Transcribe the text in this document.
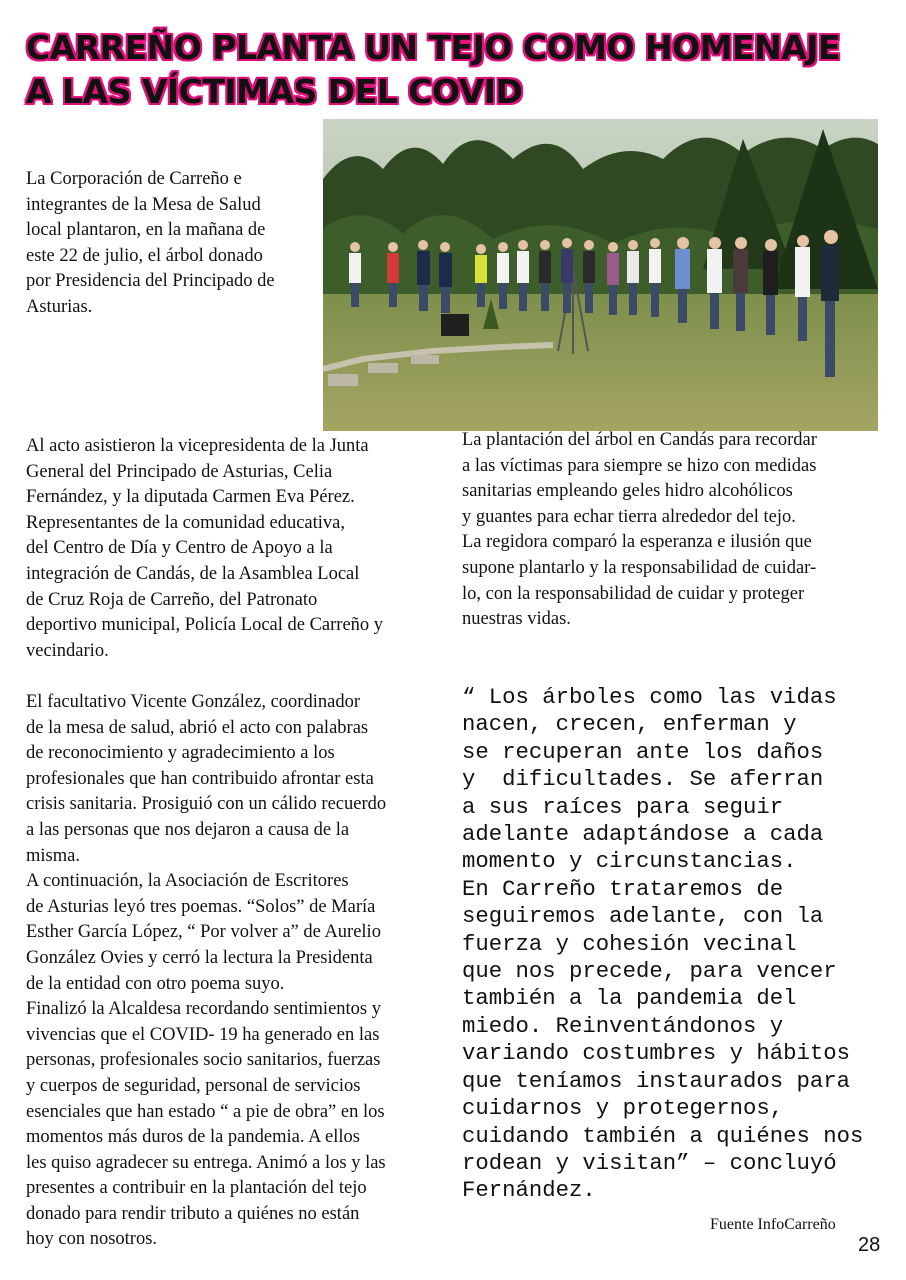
CARREÑO PLANTA UN TEJO COMO HOMENAJE
A LAS VÍCTIMAS DEL COVID
La Corporación de Carreño e
integrantes de la Mesa de Salud
local plantaron, en la mañana de
este 22 de julio, el árbol donado
por Presidencia del Principado de
Asturias.
Al acto asistieron la vicepresidenta de la Junta
General del Principado de Asturias, Celia
Fernández, y la diputada Carmen Eva Pérez.
Representantes de la comunidad educativa,
del Centro de Día y Centro de Apoyo a la
integración de Candás, de la Asamblea Local
de Cruz Roja de Carreño, del Patronato
deportivo municipal, Policía Local de Carreño y
vecindario.
El facultativo Vicente González, coordinador
de la mesa de salud, abrió el acto con palabras
de reconocimiento y agradecimiento a los
profesionales que han contribuido afrontar esta
crisis sanitaria. Prosiguió con un cálido recuerdo
a las personas que nos dejaron a causa de la
misma.
A continuación, la Asociación de Escritores
de Asturias leyó tres poemas. “Solos” de María
Esther García López, “ Por volver a” de Aurelio
González Ovies y cerró la lectura la Presidenta
de la entidad con otro poema suyo.
Finalizó la Alcaldesa recordando sentimientos y
vivencias que el COVID- 19 ha generado en las
personas, profesionales socio sanitarios, fuerzas
y cuerpos de seguridad, personal de servicios
esenciales que han estado “ a pie de obra” en los
momentos más duros de la pandemia. A ellos
les quiso agradecer su entrega. Animó a los y las
presentes a contribuir en la plantación del tejo
donado para rendir tributo a quiénes no están
hoy con nosotros.
La plantación del árbol en Candás para recordar
a las víctimas para siempre se hizo con medidas
sanitarias empleando geles hidro alcohólicos
y guantes para echar tierra alrededor del tejo.
La regidora comparó la esperanza e ilusión que
supone plantarlo y la responsabilidad de cuidar-
lo, con la responsabilidad de cuidar y proteger
nuestras vidas.
“ Los árboles como las vidas
nacen, crecen, enferman y
se recuperan ante los daños
y  dificultades. Se aferran
a sus raíces para seguir
adelante adaptándose a cada
momento y circunstancias.
En Carreño trataremos de
seguiremos adelante, con la
fuerza y cohesión vecinal
que nos precede, para vencer
también a la pandemia del
miedo. Reinventándonos y
variando costumbres y hábitos
que teníamos instaurados para
cuidarnos y protegernos,
cuidando también a quiénes nos
rodean y visitan” – concluyó
Fernández.
Fuente InfoCarreño
28
